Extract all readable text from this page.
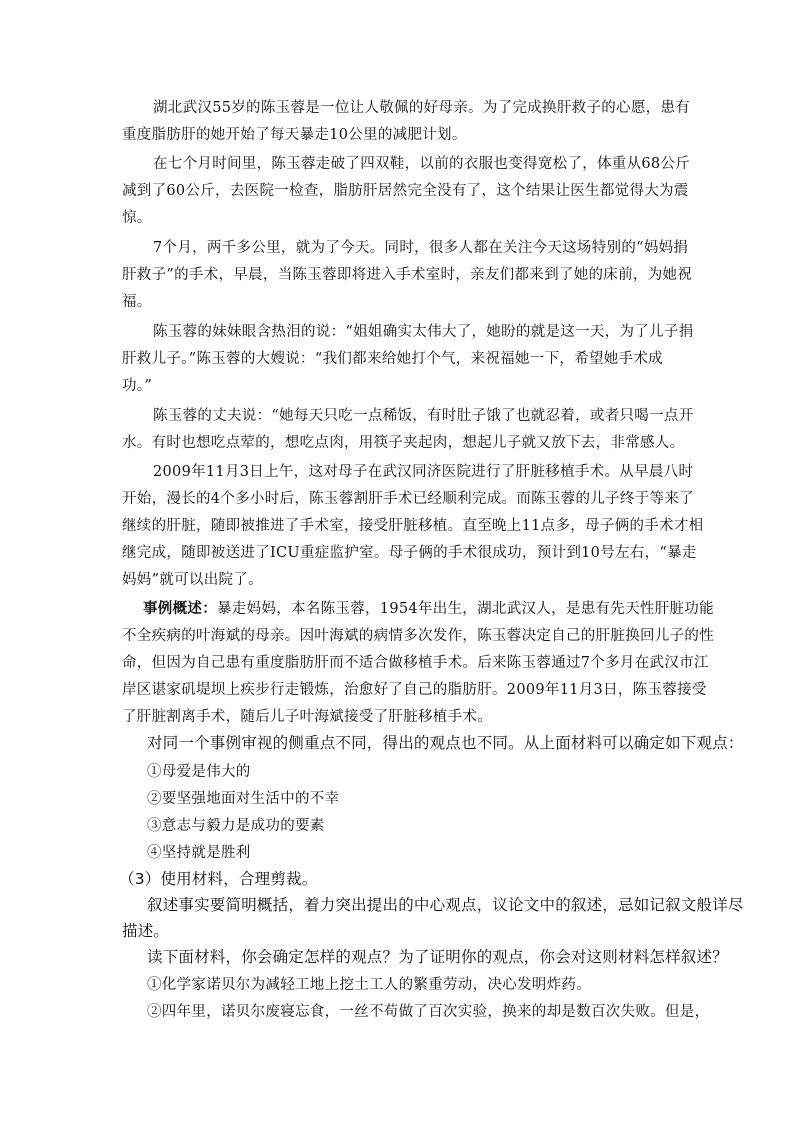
湖北武汉55岁的陈玉蓉是一位让人敬佩的好母亲。为了完成换肝救子的心愿，患有
重度脂肪肝的她开始了每天暴走10公里的减肥计划。
在七个月时间里，陈玉蓉走破了四双鞋，以前的衣服也变得宽松了，体重从68公斤
减到了60公斤，去医院一检查，脂肪肝居然完全没有了，这个结果让医生都觉得大为震
惊。
7个月，两千多公里，就为了今天。同时，很多人都在关注今天这场特别的“妈妈捐
肝救子”的手术，早晨，当陈玉蓉即将进入手术室时，亲友们都来到了她的床前，为她祝
福。
陈玉蓉的妹妹眼含热泪的说：“姐姐确实太伟大了，她盼的就是这一天，为了儿子捐
肝救儿子。”陈玉蓉的大嫂说：“我们都来给她打个气，来祝福她一下，希望她手术成
功。”
陈玉蓉的丈夫说：“她每天只吃一点稀饭，有时肚子饿了也就忍着，或者只喝一点开
水。有时也想吃点荤的，想吃点肉，用筷子夹起肉，想起儿子就又放下去，非常感人。
2009年11月3日上午，这对母子在武汉同济医院进行了肝脏移植手术。从早晨八时
开始，漫长的4个多小时后，陈玉蓉割肝手术已经顺利完成。而陈玉蓉的儿子终于等来了
继续的肝脏，随即被推进了手术室，接受肝脏移植。直至晚上11点多，母子俩的手术才相
继完成，随即被送进了ICU重症监护室。母子俩的手术很成功，预计到10号左右，“暴走
妈妈”就可以出院了。
事例概述：暴走妈妈，本名陈玉蓉，1954年出生，湖北武汉人，是患有先天性肝脏功能
不全疾病的叶海斌的母亲。因叶海斌的病情多次发作，陈玉蓉决定自己的肝脏换回儿子的性
命，但因为自己患有重度脂肪肝而不适合做移植手术。后来陈玉蓉通过7个多月在武汉市江
岸区谌家矶堤坝上疾步行走锻炼，治愈好了自己的脂肪肝。2009年11月3日，陈玉蓉接受
了肝脏割离手术，随后儿子叶海斌接受了肝脏移植手术。
对同一个事例审视的侧重点不同，得出的观点也不同。从上面材料可以确定如下观点：
①母爱是伟大的
②要坚强地面对生活中的不幸
③意志与毅力是成功的要素
④坚持就是胜利
（3）使用材料，合理剪裁。
叙述事实要简明概括，着力突出提出的中心观点，议论文中的叙述，忌如记叙文般详尽
描述。
读下面材料，你会确定怎样的观点？为了证明你的观点，你会对这则材料怎样叙述？
①化学家诺贝尔为减轻工地上挖土工人的繁重劳动，决心发明炸药。
②四年里，诺贝尔废寝忘食，一丝不苟做了百次实验，换来的却是数百次失败。但是，
